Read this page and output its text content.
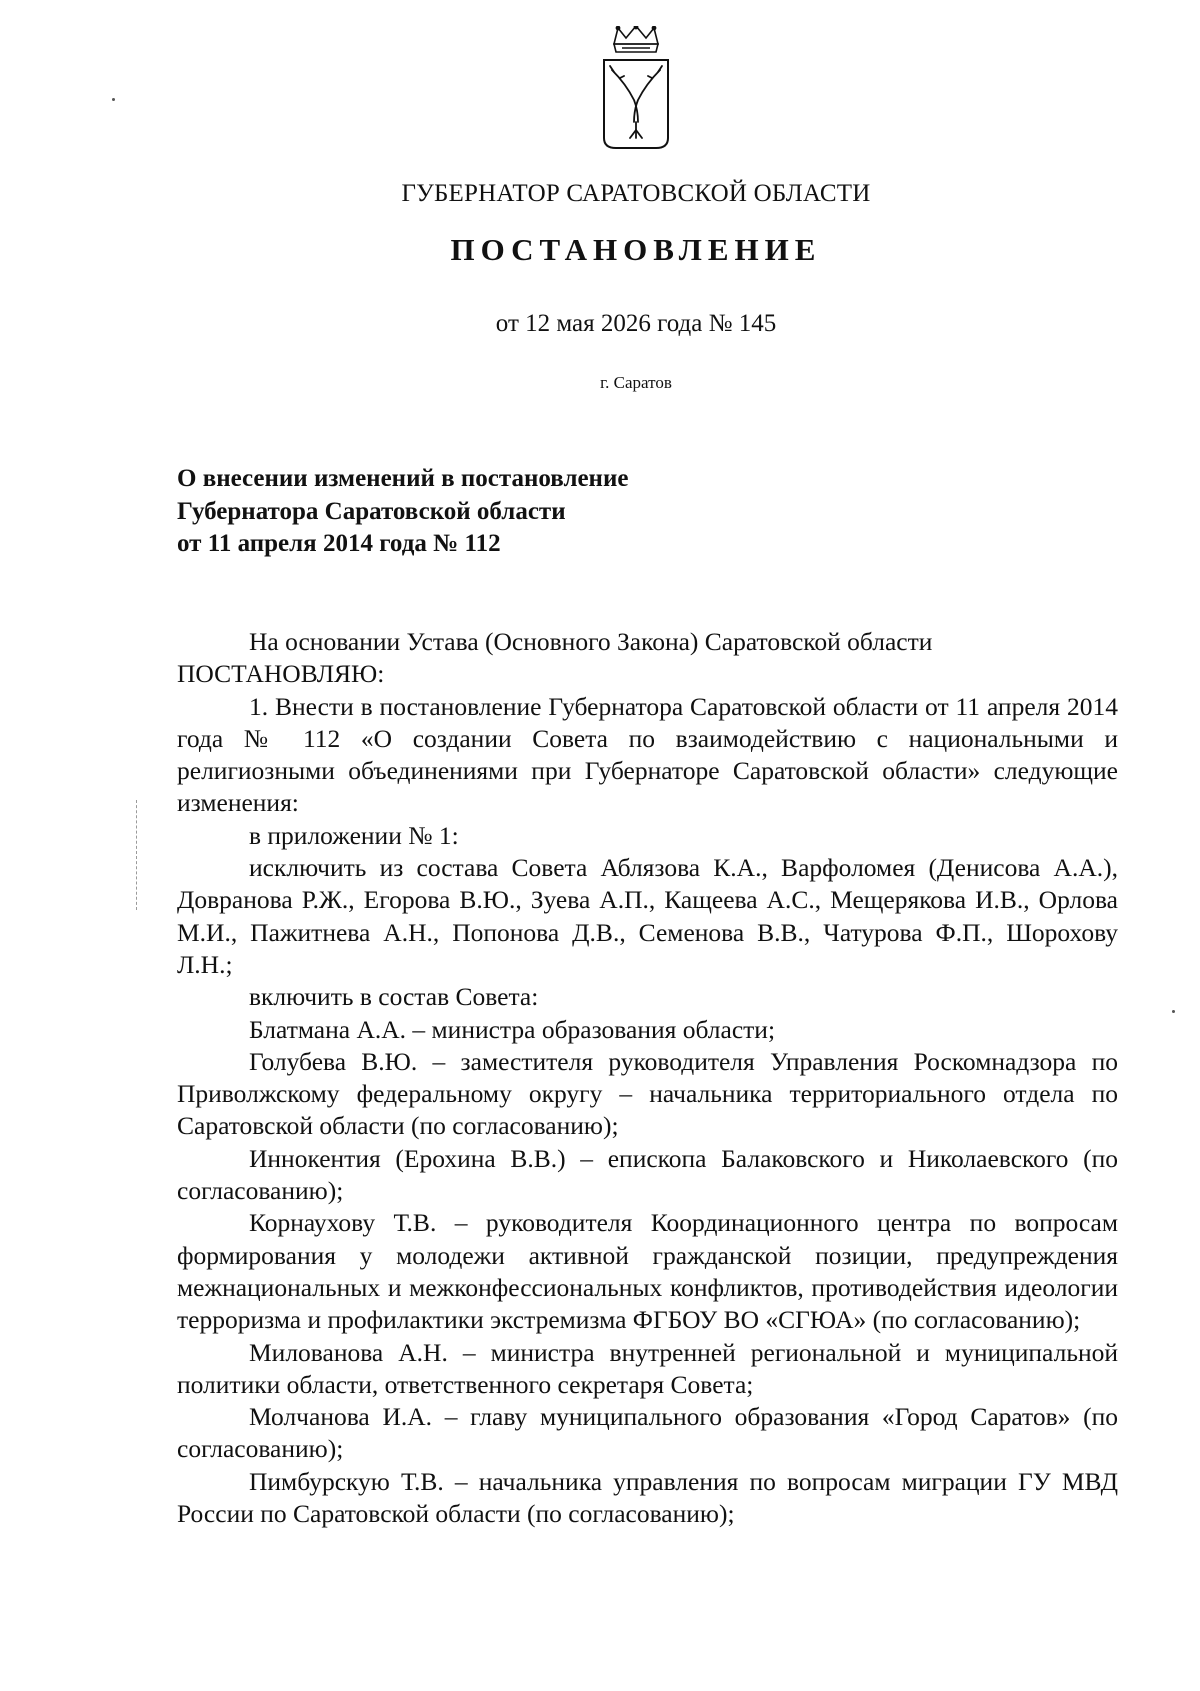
ГУБЕРНАТОР САРАТОВСКОЙ ОБЛАСТИ
ПОСТАНОВЛЕНИЕ
от 12 мая 2026 года № 145
г. Саратов
О внесении изменений в постановление
Губернатора Саратовской области
от 11 апреля 2014 года № 112

На основании Устава (Основного Закона) Саратовской области

ПОСТАНОВЛЯЮ:

1. Внести в постановление Губернатора Саратовской области от 11 апреля 2014 года № 112 «О создании Совета по взаимодействию с национальными и религиозными объединениями при Губернаторе Саратовской области» следующие изменения:

в приложении № 1:

исключить из состава Совета Аблязова К.А., Варфоломея (Денисова А.А.), Довранова Р.Ж., Егорова В.Ю., Зуева А.П., Кащеева А.С., Мещерякова И.В., Орлова М.И., Пажитнева А.Н., Попонова Д.В., Семенова В.В., Чатурова Ф.П., Шорохову Л.Н.;

включить в состав Совета:

Блатмана А.А. – министра образования области;

Голубева В.Ю. – заместителя руководителя Управления Роскомнадзора по Приволжскому федеральному округу – начальника территориального отдела по Саратовской области (по согласованию);

Иннокентия (Ерохина В.В.) – епископа Балаковского и Николаевского (по согласованию);

Корнаухову Т.В. – руководителя Координационного центра по вопросам формирования у молодежи активной гражданской позиции, предупреждения межнациональных и межконфессиональных конфликтов, противодействия идеологии терроризма и профилактики экстремизма ФГБОУ ВО «СГЮА» (по согласованию);

Милованова А.Н. – министра внутренней региональной и муниципальной политики области, ответственного секретаря Совета;

Молчанова И.А. – главу муниципального образования «Город Саратов» (по согласованию);

Пимбурскую Т.В. – начальника управления по вопросам миграции ГУ МВД России по Саратовской области (по согласованию);
